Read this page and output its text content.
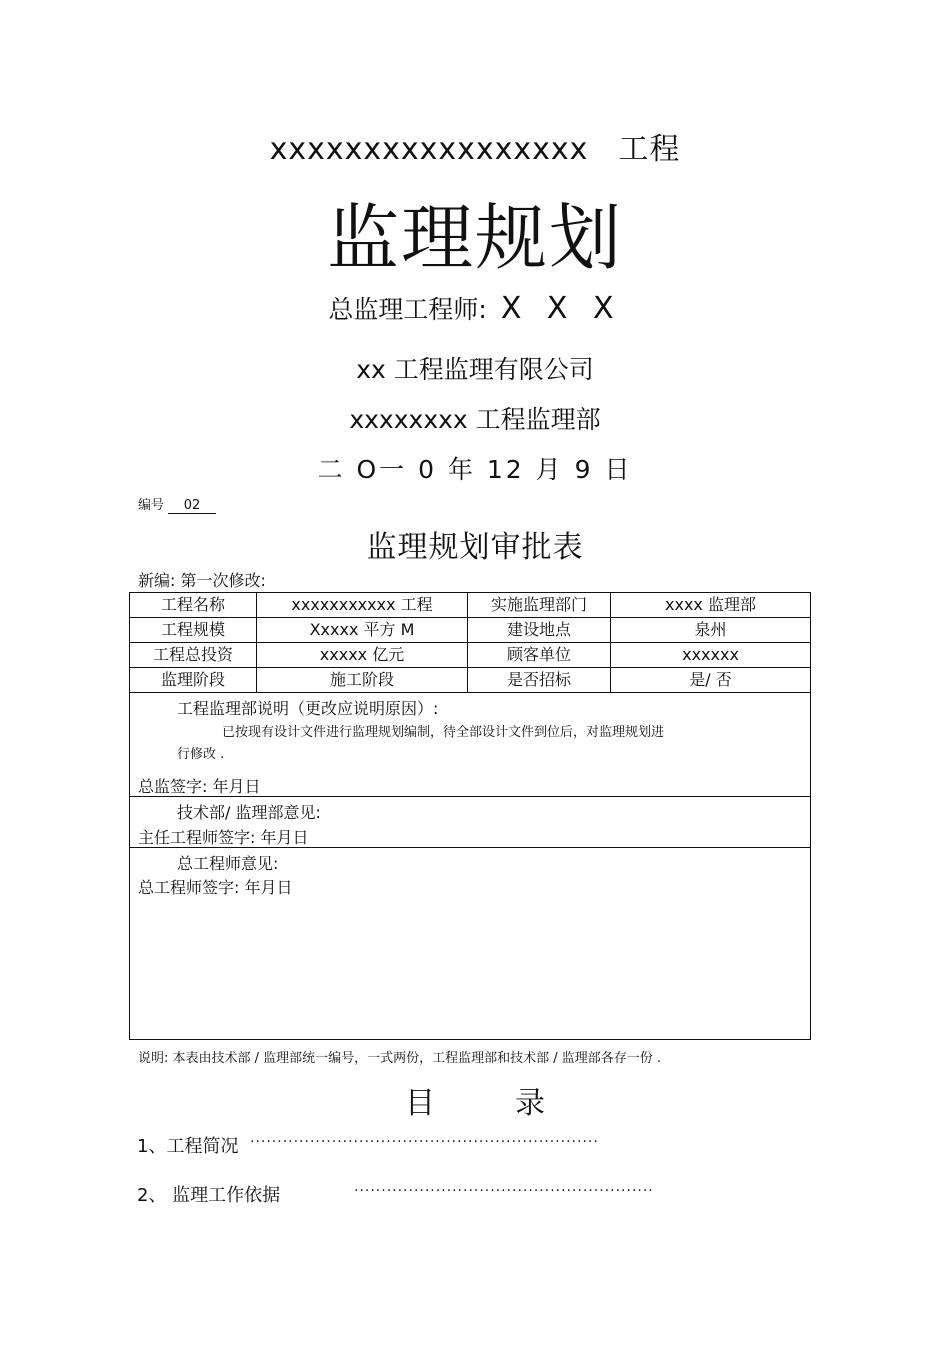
xxxxxxxxxxxxxxxxx 工程
监理规划
总监理工程师: X X X
xx 工程监理有限公司
xxxxxxxx 工程监理部
二 O一 0 年 12 月 9 日
编号 02
监理规划审批表
新编: 第一次修改:
工程名称	xxxxxxxxxxx 工程	实施监理部门	xxxx 监理部
工程规模	Xxxxx 平方 M	建设地点	泉州
工程总投资	xxxxx 亿元	顾客单位	xxxxxx
监理阶段	施工阶段	是否招标	是/ 否

工程监理部说明（更改应说明原因）:
已按现有设计文件进行监理规划编制，待全部设计文件到位后，对监理规划进
行修改 .
总监签字: 年月日			

技术部/ 监理部意见:
主任工程师签字: 年月日			

总工程师意见:
总工程师签字: 年月日			
说明: 本表由技术部 / 监理部统一编号，一式两份，工程监理部和技术部 / 监理部各存一份 .
目	录
1、工程简况 ································································
2、 监理工作依据	·······················································
